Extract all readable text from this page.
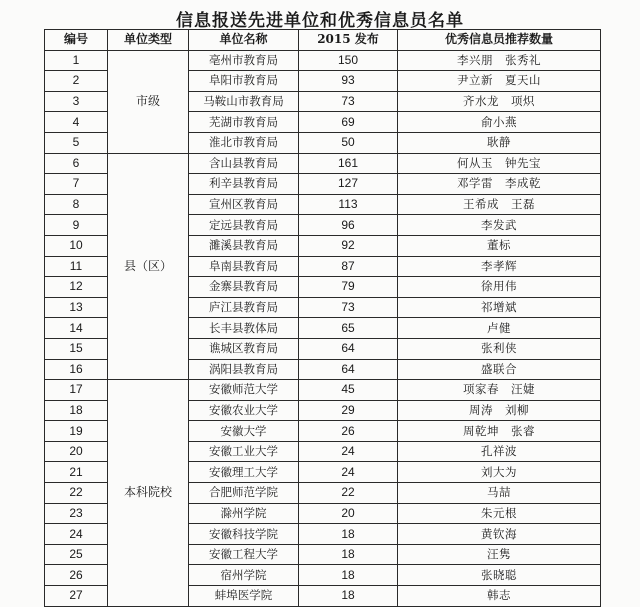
信息报送先进单位和优秀信息员名单
编号	单位类型	单位名称	2015 发布	优秀信息员推荐数量
1	市级	亳州市教育局	150	李兴朋　张秀礼
2		阜阳市教育局	93	尹立新　夏天山
3		马鞍山市教育局	73	齐水龙　项炽
4		芜湖市教育局	69	俞小燕
5		淮北市教育局	50	耿静
6	县（区）	含山县教育局	161	何从玉　钟先宝
7		利辛县教育局	127	邓学雷　李成乾
8		宣州区教育局	113	王希成　王磊
9		定远县教育局	96	李发武
10		濉溪县教育局	92	董标
11		阜南县教育局	87	李孝辉
12		金寨县教育局	79	徐用伟
13		庐江县教育局	73	祁增斌
14		长丰县教体局	65	卢健
15		谯城区教育局	64	张利侠
16		涡阳县教育局	64	盛联合
17	本科院校	安徽师范大学	45	项家春　汪婕
18		安徽农业大学	29	周涛　刘柳
19		安徽大学	26	周乾坤　张睿
20		安徽工业大学	24	孔祥波
21		安徽理工大学	24	刘大为
22		合肥师范学院	22	马喆
23		滁州学院	20	朱元根
24		安徽科技学院	18	黄钦海
25		安徽工程大学	18	汪隽
26		宿州学院	18	张晓聪
27		蚌埠医学院	18	韩志
